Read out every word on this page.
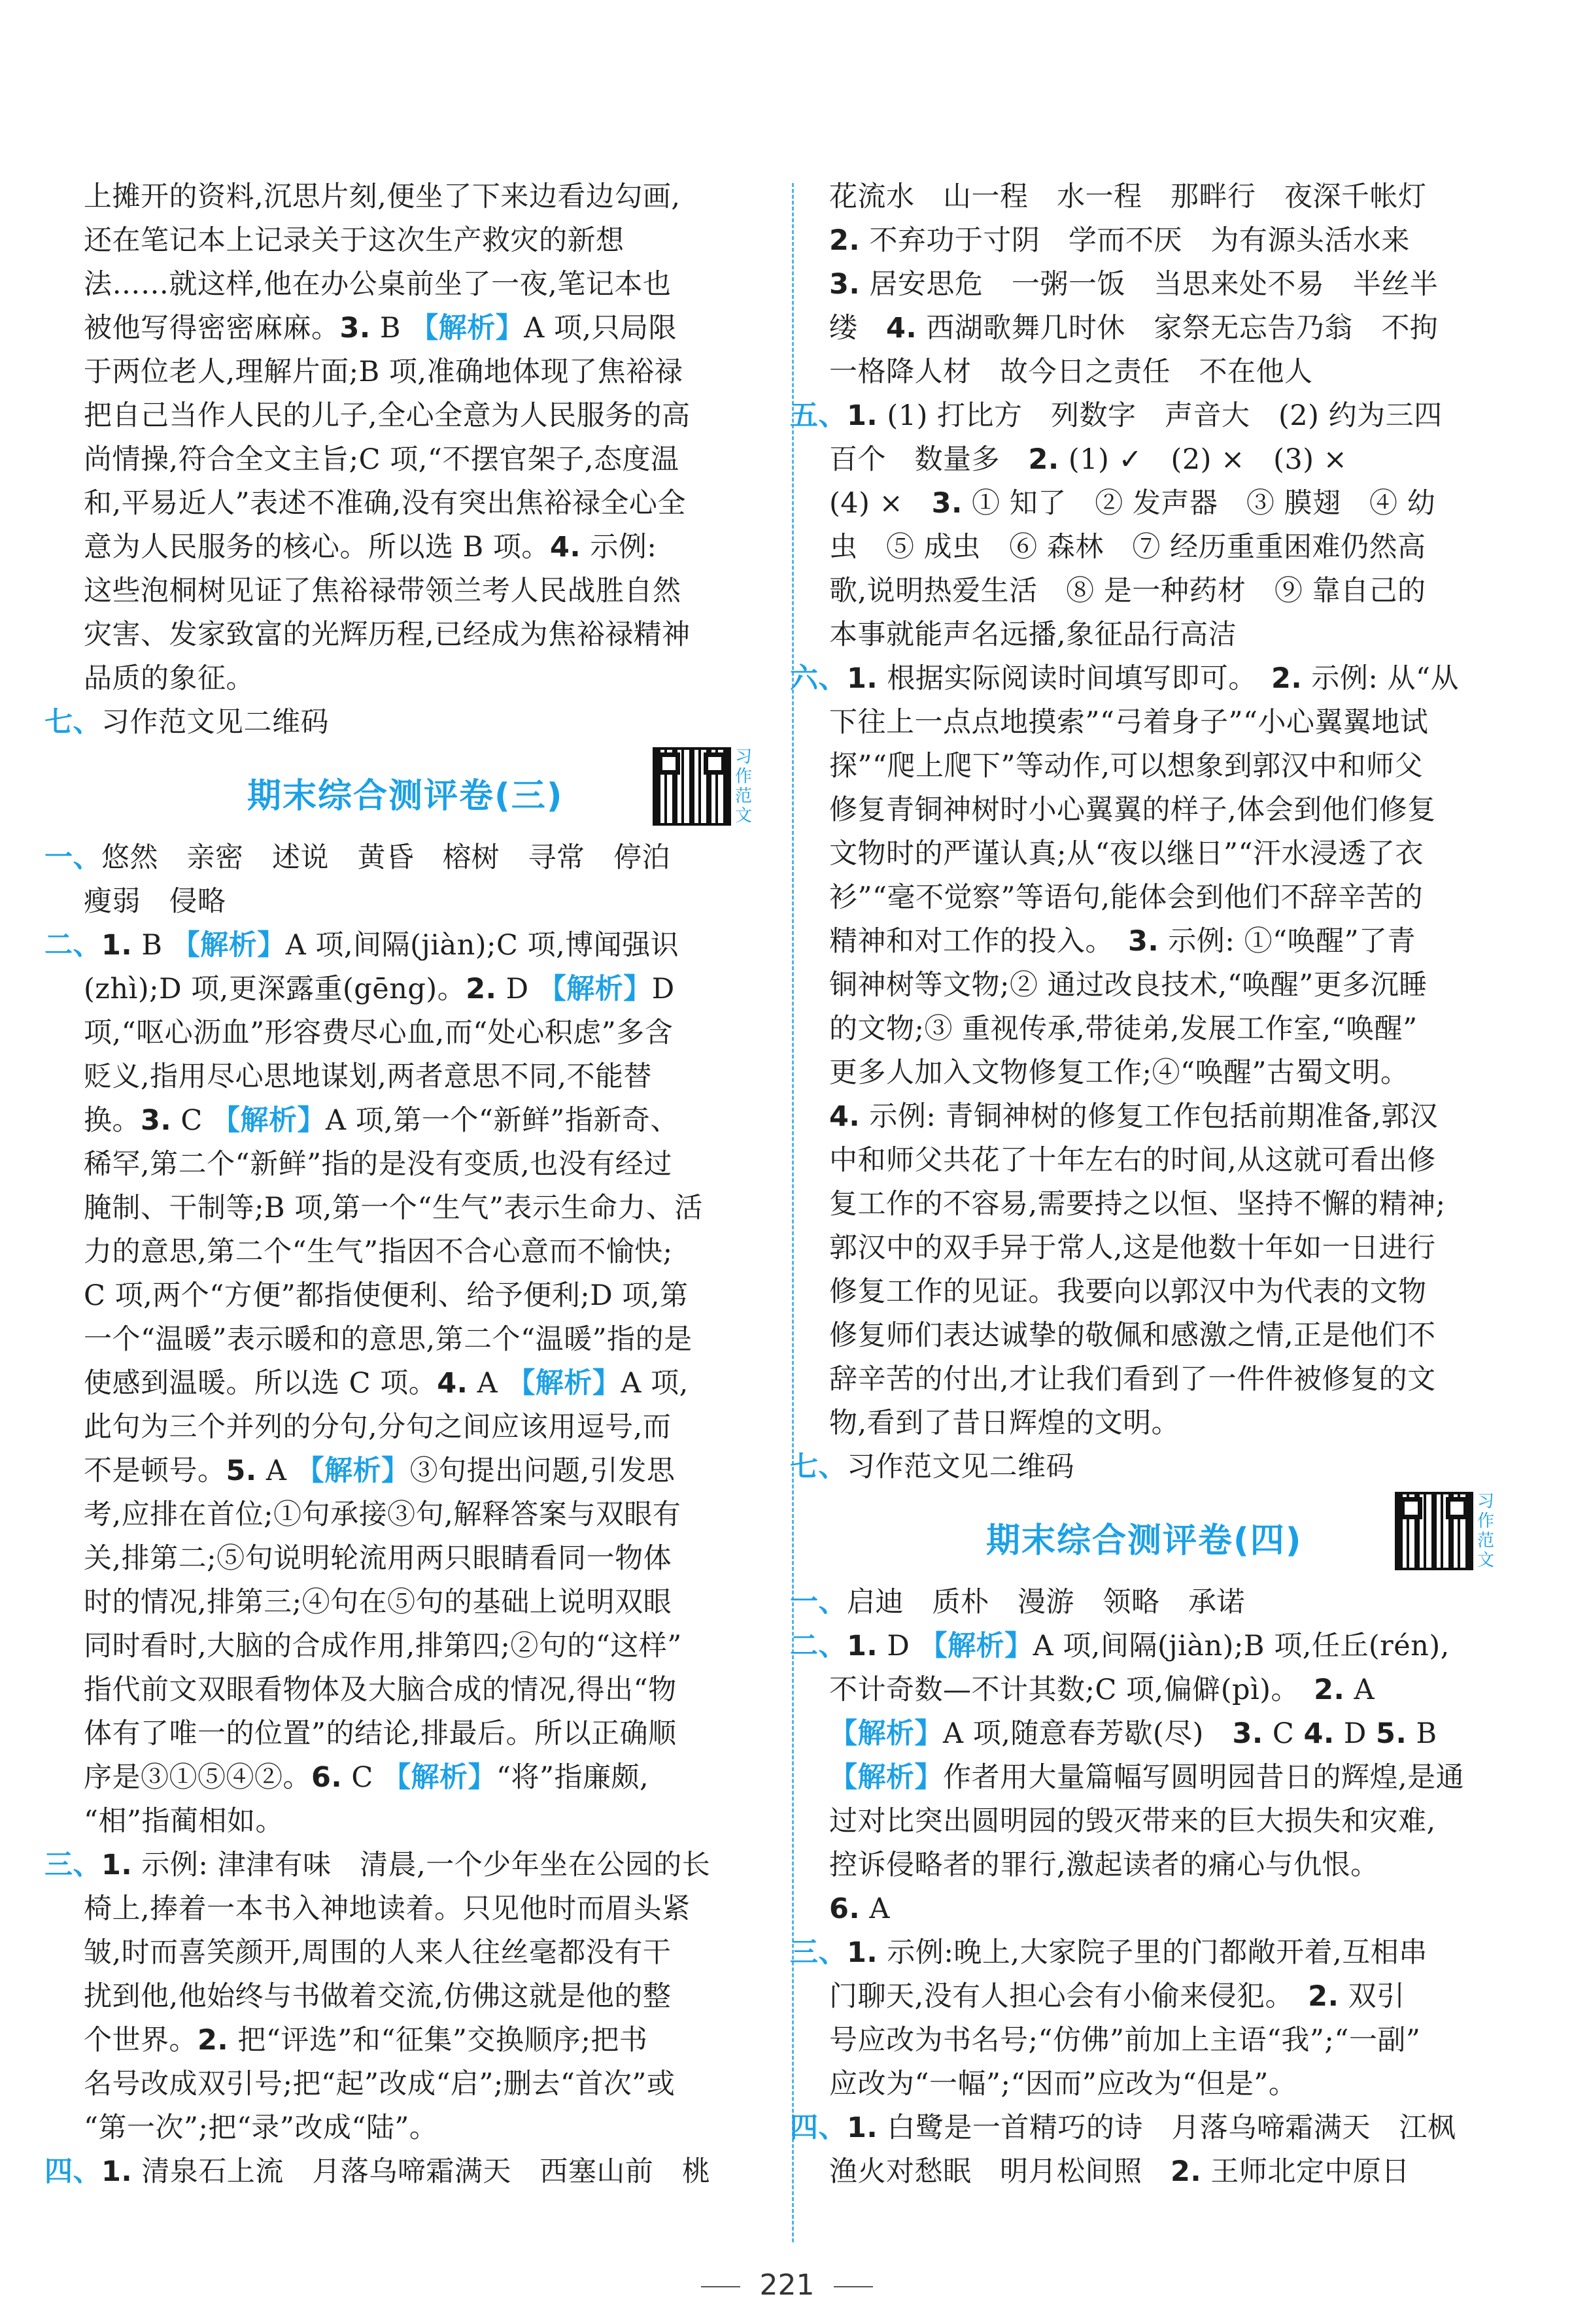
上摊开的资料,沉思片刻,便坐了下来边看边勾画,
还在笔记本上记录关于这次生产救灾的新想
法……就这样,他在办公桌前坐了一夜,笔记本也
被他写得密密麻麻。3. B 【解析】A 项,只局限
于两位老人,理解片面;B 项,准确地体现了焦裕禄
把自己当作人民的儿子,全心全意为人民服务的高
尚情操,符合全文主旨;C 项,“不摆官架子,态度温
和,平易近人”表述不准确,没有突出焦裕禄全心全
意为人民服务的核心。所以选 B 项。4. 示例:
这些泡桐树见证了焦裕禄带领兰考人民战胜自然
灾害、发家致富的光辉历程,已经成为焦裕禄精神
品质的象征。
七、习作范文见二维码
期末综合测评卷(三)
习作范文
一、悠然　亲密　述说　黄昏　榕树　寻常　停泊
瘦弱　侵略
二、1. B 【解析】A 项,间隔(jiàn);C 项,博闻强识
(zhì);D 项,更深露重(gēng)。2. D 【解析】D
项,“呕心沥血”形容费尽心血,而“处心积虑”多含
贬义,指用尽心思地谋划,两者意思不同,不能替
换。3. C 【解析】A 项,第一个“新鲜”指新奇、
稀罕,第二个“新鲜”指的是没有变质,也没有经过
腌制、干制等;B 项,第一个“生气”表示生命力、活
力的意思,第二个“生气”指因不合心意而不愉快;
C 项,两个“方便”都指使便利、给予便利;D 项,第
一个“温暖”表示暖和的意思,第二个“温暖”指的是
使感到温暖。所以选 C 项。4. A 【解析】A 项,
此句为三个并列的分句,分句之间应该用逗号,而
不是顿号。5. A 【解析】③句提出问题,引发思
考,应排在首位;①句承接③句,解释答案与双眼有
关,排第二;⑤句说明轮流用两只眼睛看同一物体
时的情况,排第三;④句在⑤句的基础上说明双眼
同时看时,大脑的合成作用,排第四;②句的“这样”
指代前文双眼看物体及大脑合成的情况,得出“物
体有了唯一的位置”的结论,排最后。所以正确顺
序是③①⑤④②。6. C 【解析】“将”指廉颇,
“相”指蔺相如。
三、1. 示例: 津津有味　清晨,一个少年坐在公园的长
椅上,捧着一本书入神地读着。只见他时而眉头紧
皱,时而喜笑颜开,周围的人来人往丝毫都没有干
扰到他,他始终与书做着交流,仿佛这就是他的整
个世界。2. 把“评选”和“征集”交换顺序;把书
名号改成双引号;把“起”改成“启”;删去“首次”或
“第一次”;把“录”改成“陆”。
四、1. 清泉石上流　月落乌啼霜满天　西塞山前　桃
花流水　山一程　水一程　那畔行　夜深千帐灯
2. 不弃功于寸阴　学而不厌　为有源头活水来
3. 居安思危　一粥一饭　当思来处不易　半丝半
缕　 4. 西湖歌舞几时休　家祭无忘告乃翁　不拘
一格降人材　故今日之责任　不在他人
五、1. (1) 打比方　列数字　声音大　(2) 约为三四
百个　数量多　 2. (1) ✓　(2) ×　(3) ×
(4) ×　 3. ① 知了　② 发声器　③ 膜翅　④ 幼
虫　⑤ 成虫　⑥ 森林　⑦ 经历重重困难仍然高
歌,说明热爱生活　⑧ 是一种药材　⑨ 靠自己的
本事就能声名远播,象征品行高洁
六、1. 根据实际阅读时间填写即可。　 2. 示例: 从“从
下往上一点点地摸索”“弓着身子”“小心翼翼地试
探”“爬上爬下”等动作,可以想象到郭汉中和师父
修复青铜神树时小心翼翼的样子,体会到他们修复
文物时的严谨认真;从“夜以继日”“汗水浸透了衣
衫”“毫不觉察”等语句,能体会到他们不辞辛苦的
精神和对工作的投入。　 3. 示例: ①“唤醒”了青
铜神树等文物;② 通过改良技术,“唤醒”更多沉睡
的文物;③ 重视传承,带徒弟,发展工作室,“唤醒”
更多人加入文物修复工作;④“唤醒”古蜀文明。
4. 示例: 青铜神树的修复工作包括前期准备,郭汉
中和师父共花了十年左右的时间,从这就可看出修
复工作的不容易,需要持之以恒、坚持不懈的精神;
郭汉中的双手异于常人,这是他数十年如一日进行
修复工作的见证。我要向以郭汉中为代表的文物
修复师们表达诚挚的敬佩和感激之情,正是他们不
辞辛苦的付出,才让我们看到了一件件被修复的文
物,看到了昔日辉煌的文明。
七、习作范文见二维码
期末综合测评卷(四)
习作范文
一、启迪　质朴　漫游　领略　承诺
二、1. D 【解析】A 项,间隔(jiàn);B 项,任丘(rén),
不计奇数—不计其数;C 项,偏僻(pì)。　 2. A
【解析】A 项,随意春芳歇(尽)　 3. C 4. D 5. B
【解析】作者用大量篇幅写圆明园昔日的辉煌,是通
过对比突出圆明园的毁灭带来的巨大损失和灾难,
控诉侵略者的罪行,激起读者的痛心与仇恨。
6. A
三、1. 示例:晚上,大家院子里的门都敞开着,互相串
门聊天,没有人担心会有小偷来侵犯。　 2. 双引
号应改为书名号;“仿佛”前加上主语“我”;“一副”
应改为“一幅”;“因而”应改为“但是”。
四、1. 白鹭是一首精巧的诗　月落乌啼霜满天　江枫
渔火对愁眠　明月松间照　 2. 王师北定中原日
221
